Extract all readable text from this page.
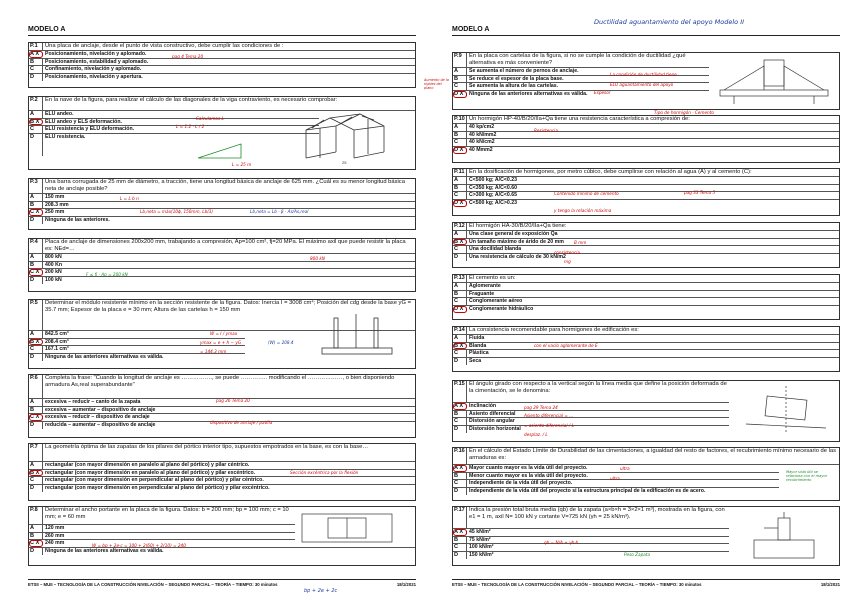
MODELO A
P.1	Una placa de anclaje, desde el punto de vista constructivo, debe cumplir las condiciones de :
A X	Posicionamiento, nivelación y aplomado.
B	Posicionamiento, estabilidad y aplomado.
C	Confinamiento, nivelación y aplomado.
D	Posicionamiento, nivelación y apertura.
pag 4 Tema 20
P.2	En la nave de la figura, para realizar el cálculo de las diagonales de la viga contraviento, es necesario comprobar:
A	ELU andeo.
B X	ELU andeo y ELS deformación.
C	ELU resistencia y ELU deformación.
D	ELU resistencia.
25
Calculamos L
L = 1.2 · L / 2
L = 25 m
P.3	Una barra corrugada de 25 mm de diámetro, a tracción, tiene una longitud básica de anclaje de 625 mm. ¿Cuál es su menor longitud básica neta de anclaje posible?
A	150 mm
B	208.3 mm
C X	250 mm
D	Ninguna de las anteriores.
L = L b n
Lb,neta = máx(10ϕ, 150mm, Lb/3)	Lb,neta = Lb · β · As/As,real
P.4	Placa de anclaje de dimensiones 200x200 mm, trabajando a compresión, Ap=100 cm², fj=20 MPa. El máximo axil que puede resistir la placa es: NEd=…
A	800 kN
B	400 Kn
C X	200 kN
D	100 kN
800 kN
F ≤ fj · Ap = 200 kN
P.5	Determinar el módulo resistente mínimo en la sección resistente de la figura. Datos: Inercia I = 3008 cm⁴; Posición del cdg desde la base yG = 35.7 mm; Espesor de la placa e = 30 mm; Altura de las cartelas h = 150 mm
A	842.5 cm³
B X	208.4 cm³
C	167.1 cm³
D	Ninguna de las anteriores alternativas es válida.
W = I / ymax
ymax = e + h − yG
= 144.3 mm
(W) = 208.4
P.6	Completa la frase: "Cuando la longitud de anclaje es ……………., se puede ………….. modificando el ………………, o bien disponiendo armadura As,real superabundante"
A	excesiva – reducir – canto de la zapata
B	excesiva – aumentar – dispositivo de anclaje
C X	excesiva – reducir – dispositivo de anclaje
D	reducida – aumentar – dispositivo de anclaje
pag 26 Tema 20
dispositivo de anclaje / patilla
P.7	La geometría óptima de las zapatas de los pilares del pórtico interior tipo, supuestos empotrados en la base, es con la base…
A	rectangular (con mayor dimensión en paralelo al plano del pórtico) y pilar céntrico.
B X	rectangular (con mayor dimensión en paralelo al plano del pórtico) y pilar excéntrico.
C	rectangular (con mayor dimensión en perpendicular al plano del pórtico) y pilar céntrico.
D	rectangular (con mayor dimensión en perpendicular al plano del pórtico) y pilar excéntrico.
Sección excéntrica por la flexión
P.8	Determinar el ancho portante en la placa de la figura. Datos: b = 200 mm; bp = 100 mm; c = 10 mm; e = 60 mm
A	120 mm
B	260 mm
C X	240 mm
D	Ninguna de las anteriores alternativas es válida.
W = bp + 2e·c = 100 + 2(60) + 2(10) = 240
ETSII – MUII – TECNOLOGÍA DE LA CONSTRUCCIÓN NIVELACIÓN – SEGUNDO PARCIAL – TEORÍA – TIEMPO: 30 minutos	18/1/2021
bp + 2e + 2c
MODELO A
Ductilidad aguantamiento del apoyo Modelo II
P.9	En la placa con cartelas de la figura, si no se cumple la condición de ductilidad ¿qué alternativa es más conveniente?
A	Se aumenta el número de pernos de anclaje.
B	Se reduce el espesor de la placa base.
C	Se aumenta la altura de las cartelas.
D X	Ninguna de las anteriores alternativas es válida.
La condición de ductilidad tiene
ELU aguantamiento del apoyo
Espesor
Aumento de la rigidez del plano
P.10 Un hormigón HP-40/B/20/IIa+Qa tiene una resistencia característica a compresión de:
A	40 kp/cm2
B	40 kN/mm2
C	40 kN/cm2
D X	40 Mmm2
Tipo de hormigón · Cemento
Resistencia
P.11 En la dosificación de hormigones, por metro cúbico, debe cumplirse con relación al agua (A) y al cemento (C):
A	C<500 kg; A/C<0.23
B	C<350 kg; A/C<0.60
C	C>300 kg; A/C<0.65
D X	C<500 kg; A/C>0.23
Contenido mínimo de cemento	pag 33 Tema 5
y tengo la relación máxima
P.12 El hormigón HA-30/B/20/IIa+Qa tiene:
A	Una clase general de exposición Qa
B X	Un tamaño máximo de árido de 20 mm
C	Una docilidad blanda
D	Una resistencia de cálculo de 30 kN/m2
B mm
consistencia
mg
P.13 El cemento es un:
A	Aglomerante
B	Fraguante
C	Conglomerante aéreo
D X	Conglomerante hidráulico
P.14 La consistencia recomendable para hormigones de edificación es:
A	Fluida
B X	Blanda
C	Plástica
D	Seca
con el vacío aglomerante de E
P.15 El ángulo girado con respecto a la vertical según la línea media que define la posición deformada de la cimentación, se le denomina:
A X	Inclinación
B	Asiento diferencial
C	Distorsión angular
D	Distorsión horizontal
pag 29 Tema 24
Asiento diferencial = ...
= asiento diferencial / L
desplaz. / L
P.16 En el cálculo del Estado Límite de Durabilidad de las cimentaciones, a igualdad del resto de factores, el recubrimiento mínimo necesario de las armaduras es:
A X	Mayor cuanto mayor es la vida útil del proyecto.
B	Menor cuanto mayor es la vida útil del proyecto.
C	Independiente de la vida útil del proyecto.
D	Independiente de la vida útil del proyecto si la estructura principal de la edificación es de acero.
ultra
ultra
Mayor vida útil se relaciona con el mayor recubrimiento
P.17 Indica la presión total bruta media (qb) de la zapata (a×b×h = 3×2×1 m³), mostrada en la figura, con e1 = 1 m, axil N= 100 kN y cortante V=725 kN (γh = 25 kN/m³).
A X	45 kN/m²
B	75 kN/m²
C	100 kN/m²
D	150 kN/m²
qb = N/A + γh·h
Peso Zapata
ETSII – MUII – TECNOLOGÍA DE LA CONSTRUCCIÓN NIVELACIÓN – SEGUNDO PARCIAL – TEORÍA – TIEMPO: 30 minutos	18/1/2021
